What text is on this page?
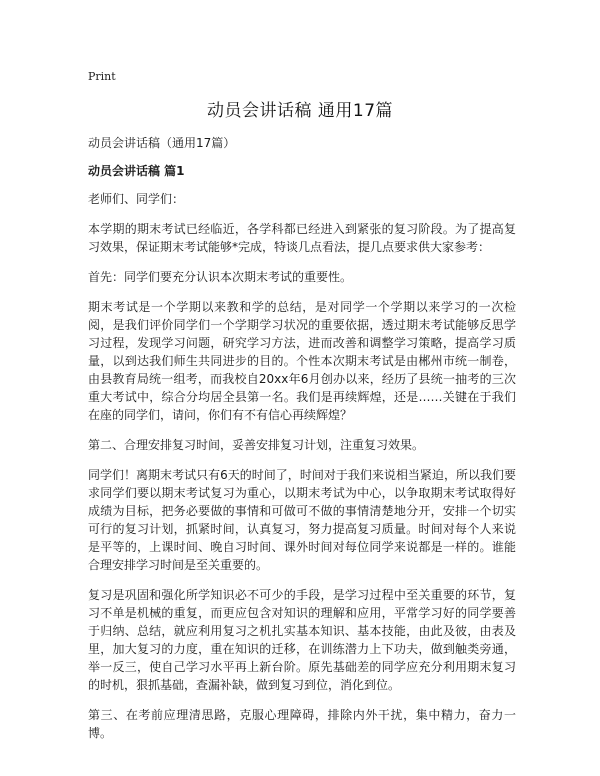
Print
动员会讲话稿 通用17篇

动员会讲话稿（通用17篇）

动员会讲话稿 篇1

老师们、同学们：

本学期的期末考试已经临近，各学科都已经进入到紧张的复习阶段。为了提高复习效果，保证期末考试能够*完成，特谈几点看法，提几点要求供大家参考：

首先：同学们要充分认识本次期末考试的重要性。

期末考试是一个学期以来教和学的总结，是对同学一个学期以来学习的一次检阅，是我们评价同学们一个学期学习状况的重要依据，透过期末考试能够反思学习过程，发现学习问题，研究学习方法，进而改善和调整学习策略，提高学习质量，以到达我们师生共同进步的目的。个性本次期末考试是由郴州市统一制卷，由县教育局统一组考，而我校自20xx年6月创办以来，经历了县统一抽考的三次重大考试中，综合分均居全县第一名。我们是再续辉煌，还是……关键在于我们在座的同学们，请问，你们有不有信心再续辉煌？

第二、合理安排复习时间，妥善安排复习计划，注重复习效果。

同学们！离期末考试只有6天的时间了，时间对于我们来说相当紧迫，所以我们要求同学们要以期末考试复习为重心，以期末考试为中心，以争取期末考试取得好成绩为目标，把务必要做的事情和可做可不做的事情清楚地分开，安排一个切实可行的复习计划，抓紧时间，认真复习，努力提高复习质量。时间对每个人来说是平等的，上课时间、晚自习时间、课外时间对每位同学来说都是一样的。谁能合理安排学习时间是至关重要的。

复习是巩固和强化所学知识必不可少的手段，是学习过程中至关重要的环节，复习不单是机械的重复，而更应包含对知识的理解和应用，平常学习好的同学要善于归纳、总结，就应利用复习之机扎实基本知识、基本技能，由此及彼，由表及里，加大复习的力度，重在知识的迁移，在训练潜力上下功夫，做到触类旁通，举一反三，使自己学习水平再上新台阶。原先基础差的同学应充分利用期末复习的时机，狠抓基础，查漏补缺，做到复习到位，消化到位。

第三、在考前应理清思路，克服心理障碍，排除内外干扰，集中精力，奋力一博。
